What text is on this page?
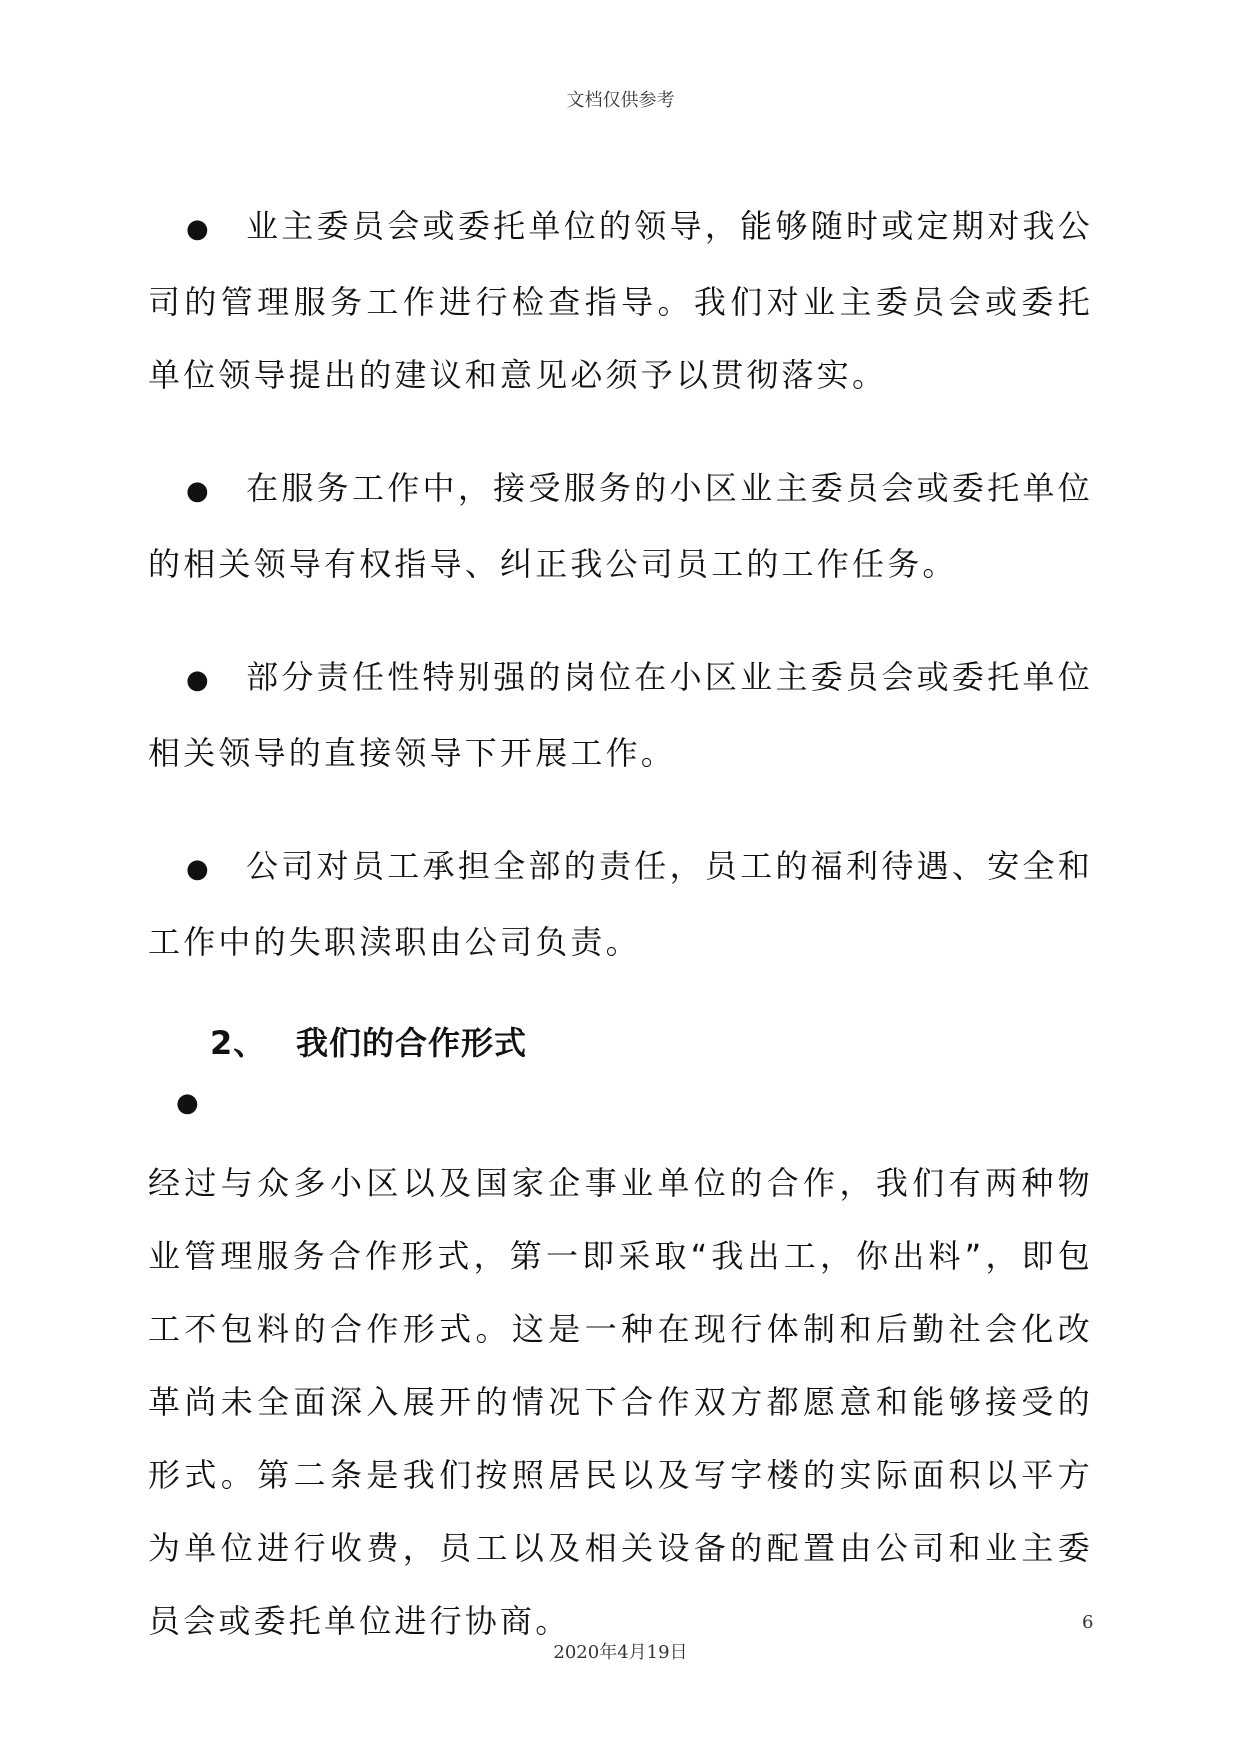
文档仅供参考

● 业主委员会或委托单位的领导，能够随时或定期对我公司的管理服务工作进行检查指导。我们对业主委员会或委托单位领导提出的建议和意见必须予以贯彻落实。

● 在服务工作中，接受服务的小区业主委员会或委托单位的相关领导有权指导、纠正我公司员工的工作任务。

● 部分责任性特别强的岗位在小区业主委员会或委托单位相关领导的直接领导下开展工作。

● 公司对员工承担全部的责任，员工的福利待遇、安全和工作中的失职渎职由公司负责。

2、 我们的合作形式
●

经过与众多小区以及国家企事业单位的合作，我们有两种物业管理服务合作形式，第一即采取“我出工，你出料”，即包工不包料的合作形式。这是一种在现行体制和后勤社会化改革尚未全面深入展开的情况下合作双方都愿意和能够接受的形式。第二条是我们按照居民以及写字楼的实际面积以平方为单位进行收费，员工以及相关设备的配置由公司和业主委员会或委托单位进行协商。	6
2020年4月19日
